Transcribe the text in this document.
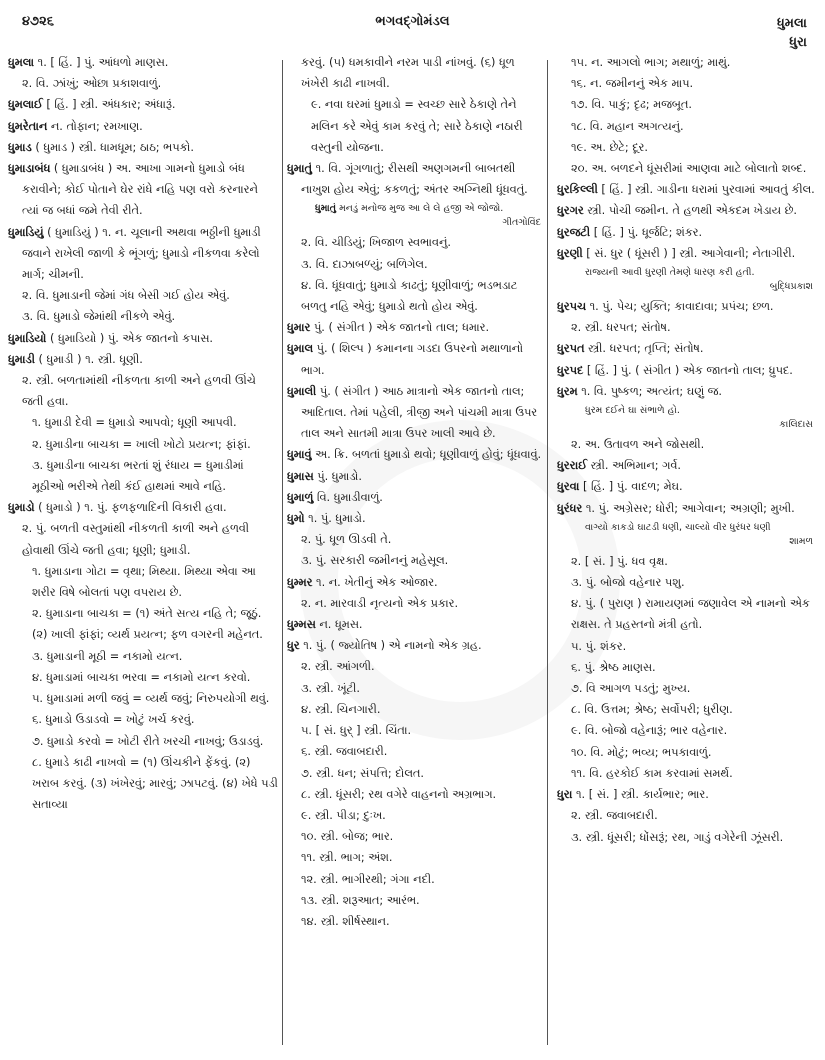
૪૭૨૬	ભગવદ્ગોમંડલ	ધુમલા
ધુરા

ધુમલા ૧. [ હિં. ] પું. આંધળો માણસ.

૨. વિ. ઝાંખું; ઓછા પ્રકાશવાળું.

ધુમલાઈ [ હિં. ] સ્ત્રી. અંધકાર; અંધારૂં.

ધુમરેતાન ન. તોફાન; રમખાણ.

ધુમાડ ( ધુમાડ ) સ્ત્રી. ધામધૂમ; ઠાઠ; ભપકો.

ધુમાડાબંધ ( ધુમાડાબંધ ) અ. આખા ગામનો ધુમાડો બંધ કરાવીને; કોઈ પોતાને ઘેર રાંધે નહિ પણ વરો કરનારને ત્યાં જ બધાં જમે તેવી રીતે.

ધુમાડિયું ( ધુમાડિયું ) ૧. ન. ચૂલાની અથવા ભઠ્ઠીની ધુમાડી જવાને રાખેલી જાળી કે ભૂંગળું; ધુમાડો નીકળવા કરેલો માર્ગ; ચીમની.

૨. વિ. ધુમાડાની જેમાં ગંધ બેસી ગઈ હોય એવું.

૩. વિ. ધુમાડો જેમાંથી નીકળે એવું.

ધુમાડિયો ( ધુમાડિયો ) પું. એક જાતનો કપાસ.

ધુમાડી ( ધુમાડી ) ૧. સ્ત્રી. ધૂણી.

૨. સ્ત્રી. બળતામાંથી નીકળતા કાળી અને હળવી ઊંચે જતી હવા.

૧. ધુમાડી દેવી = ધુમાડો આપવો; ધૂણી આપવી.

૨. ધુમાડીના બાચકા = ખાલી ખોટો પ્રયત્ન; ફાંફાં.

૩. ધુમાડીના બાચકા ભરતાં શું રંધાય = ધુમાડીમાં મૂઠીઓ ભરીએ તેથી કંઈ હાથમાં આવે નહિ.

ધુમાડો ( ધુમાડો ) ૧. પું. ફળફળાદિની વિકારી હવા.

૨. પું. બળતી વસ્તુમાંથી નીકળતી કાળી અને હળવી હોવાથી ઊંચે જતી હવા; ધૂણી; ધુમાડી.

૧. ધુમાડાના ગોટા = વૃથા; મિથ્યા. મિથ્યા એવા આ શરીર વિષે બોલતાં પણ વપરાય છે.

૨. ધુમાડાના બાચકા = (૧) અંતે સત્ય નહિ તે; જૂઠું. (૨) ખાલી ફાંફાં; વ્યર્થ પ્રયત્ન; ફળ વગરની મહેનત.

૩. ધુમાડાની મૂઠી = નકામો યત્ન.

૪. ધુમાડામાં બાચકા ભરવા = નકામો યત્ન કરવો.

૫. ધુમાડામાં મળી જવું = વ્યર્થ જવું; નિરુપયોગી થવું.

૬. ધુમાડો ઉડાડવો = ખોટું ખર્ચ કરવું.

૭. ધુમાડો કરવો = ખોટી રીતે ખરચી નાખવું; ઉડાડવું.

૮. ધુમાડે કાઢી નાખવો = (૧) ઊંચકીને ફેંકવું. (૨) ખરાબ કરવું. (૩) ખંખેરવું; મારવું; ઝાપટવું. (૪) ખેધે પડી સતાવ્યા

કરવું. (૫) ધમકાવીને નરમ પાડી નાંખવું. (૬) ધૂળ ખંખેરી કાઢી નાખવી.

૯. નવા ઘરમાં ધુમાડો = સ્વચ્છ સારે ઠેકાણે તેને મલિન કરે એવું કામ કરવું તે; સારે ઠેકાણે નઠારી વસ્તુની યોજના.

ધુમાતું ૧. વિ. ગૂંગળાતું; રીસથી અણગમની બાબતથી નાખુશ હોય એવું; કકળતું; અંતર અગ્નિથી ધૂંધવતું.

ધુમાતું મનડું મનોજ મુજ આ લે લે હજી એ જોજો.
ગીતગોવિંદ

૨. વિ. ચીડિયું; ખિજાળ સ્વભાવનું.

૩. વિ. દાઝાબળ્યું; બળિગેલ.

૪. વિ. ધૂંધવાતું; ધુમાડો કાઢતું; ધૂણીવાળું; ભડભડાટ બળતુ નહિ એવું; ધુમાડો થતો હોય એવું.

ધુમાર પું. ( સંગીત ) એક જાતનો તાલ; ધમાર.

ધુમાલ પું. ( શિલ્પ ) કમાનના ગડદા ઉપરનો મથાળાનો ભાગ.

ધુમાલી પું. ( સંગીત ) આઠ માત્રાનો એક જાતનો તાલ; આદિતાલ. તેમાં પહેલી, ત્રીજી અને પાંચમી માત્રા ઉપર તાલ અને સાતમી માત્રા ઉપર ખાલી આવે છે.

ધુમાવું અ. ક્રિ. બળતાં ધુમાડો થવો; ધૂણીવાળું હોવું; ધૂંધવાવું.

ધુમાસ પું. ધુમાડો.

ધુમાળું વિ. ધુમાડીવાળું.

ધુમો ૧. પું. ધુમાડો.

૨. પું. ધૂળ ઊડવી તે.

૩. પું. સરકારી જમીનનું મહેસૂલ.

ધુમ્મર ૧. ન. ખેતીનું એક ઓજાર.

૨. ન. મારવાડી નૃત્યનો એક પ્રકાર.

ધુમ્મસ ન. ધૂમસ.

ધુર ૧. પું. ( જ્યોતિષ ) એ નામનો એક ગ્રહ.

૨. સ્ત્રી. આંગળી.

૩. સ્ત્રી. ખૂંટી.

૪. સ્ત્રી. ચિનગારી.

૫. [ સં. ધુર્ ] સ્ત્રી. ચિંતા.

૬. સ્ત્રી. જવાબદારી.

૭. સ્ત્રી. ધન; સંપત્તિ; દોલત.

૮. સ્ત્રી. ધૂંસરી; રથ વગેરે વાહનનો અગ્રભાગ.

૯. સ્ત્રી. પીડા; દુઃખ.

૧૦. સ્ત્રી. બોજ; ભાર.

૧૧. સ્ત્રી. ભાગ; અંશ.

૧૨. સ્ત્રી. ભાગીરથી; ગંગા નદી.

૧૩. સ્ત્રી. શરૂઆત; આરંભ.

૧૪. સ્ત્રી. શીર્ષસ્થાન.

૧૫. ન. આગલો ભાગ; મથાળું; માથું.

૧૬. ન. જમીનનું એક માપ.

૧૭. વિ. પાકું; દૃઢ; મજબૂત.

૧૮. વિ. મહાન અગત્યનું.

૧૯. અ. છેટે; દૂર.

૨૦. અ. બળદને ધૂંસરીમાં આણવા માટે બોલાતો શબ્દ.

ધુરકિલ્લી [ હિં. ] સ્ત્રી. ગાડીના ધરામાં પુરવામાં આવતું કીલ.

ધુરગર સ્ત્રી. પોચી જમીન. તે હળથી એકદમ ખેડાય છે.

ધુરજટી [ હિં. ] પું. ધૂર્જટિ; શંકર.

ધુરણી [ સં. ધુર ( ધૂંસરી ) ] સ્ત્રી. આગેવાની; નેતાગીરી.

રાજ્યની આવી ધુરણી તેમણે ધારણ કરી હતી.
બુદ્ધિપ્રકાશ

ધુરપચ ૧. પું. પેચ; યુક્તિ; કાવાદાવા; પ્રપંચ; છળ.

૨. સ્ત્રી. ધરપત; સંતોષ.

ધુરપત સ્ત્રી. ધરપત; તૃપ્તિ; સંતોષ.

ધુરપદ [ હિં. ] પું. ( સંગીત ) એક જાતનો તાલ; ધ્રુપદ.

ધુરમ ૧. વિ. પુષ્કળ; અત્યંત; ઘણું જ.

ધુરમ દઈને ઘા સંભાળે હો.
કાલિદાસ

૨. અ. ઉતાવળ અને જોસથી.

ધુરરાઈ સ્ત્રી. અભિમાન; ગર્વ.

ધુરવા [ હિં. ] પું. વાદળ; મેઘ.

ધુરંધર ૧. પું. અગ્રેસર; ધોરી; આગેવાન; અગ્રણી; મુખી.

વાગ્યો કાકડો ઘાટડી ધણી, ચાલ્યો વીર ધુરંધર ધણી
શામળ

૨. [ સં. ] પું. ધવ વૃક્ષ.

૩. પું. બોજો વહેનાર પશુ.

૪. પું. ( પુરાણ ) રામાયણમાં જણાવેલ એ નામનો એક રાક્ષસ. તે પ્રહસ્તનો મંત્રી હતો.

૫. પું. શંકર.

૬. પું. શ્રેષ્ઠ માણસ.

૭. વિ આગળ પડતું; મુખ્ય.

૮. વિ. ઉત્તમ; શ્રેષ્ઠ; સર્વોપરી; ધુરીણ.

૯. વિ. બોજો વહેનારૂં; ભાર વહેનાર.

૧૦. વિ. મોટું; ભવ્ય; ભપકાવાળું.

૧૧. વિ. હરકોઈ કામ કરવામાં સમર્થ.

ધુરા ૧. [ સં. ] સ્ત્રી. કાર્યભાર; ભાર.

૨. સ્ત્રી. જવાબદારી.

૩. સ્ત્રી. ધૂંસરી; ધોંસરૂં; રથ, ગાડું વગેરેની ઝૂંસરી.
